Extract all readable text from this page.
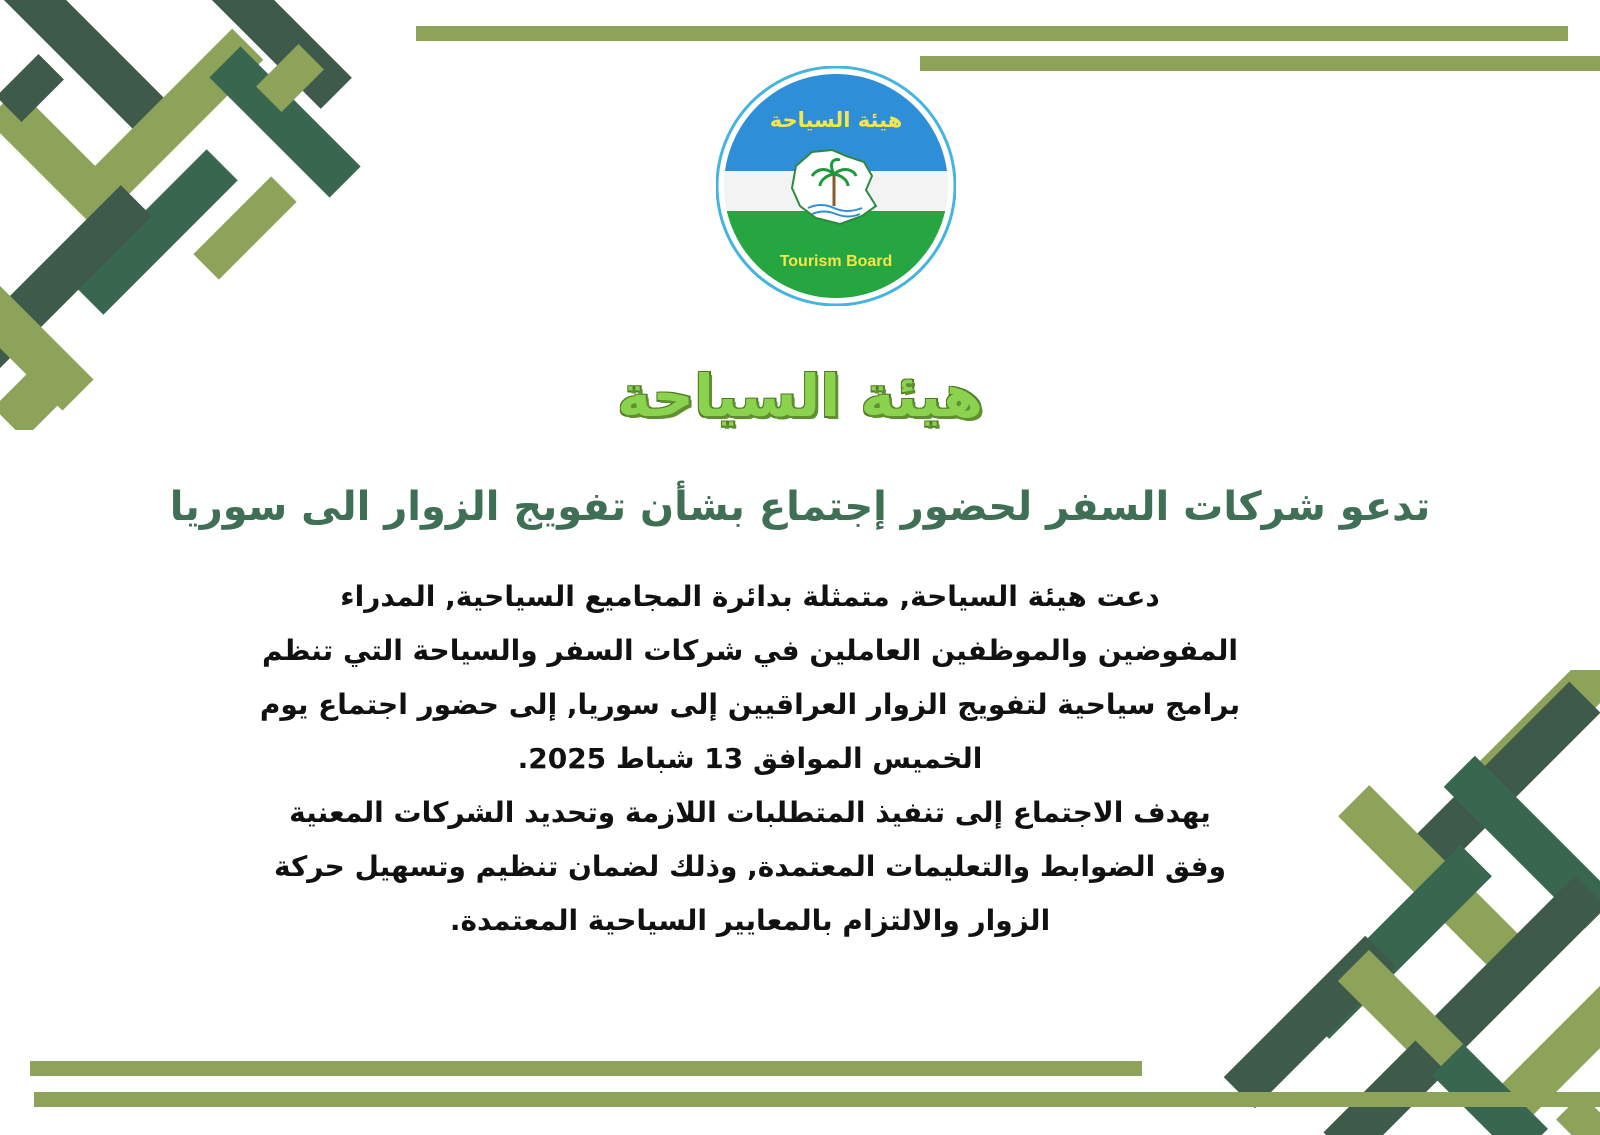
هيئة السياحة
Tourism Board
هيئة السياحة
تدعو شركات السفر لحضور إجتماع بشأن تفويج الزوار الى سوريا
دعت هيئة السياحة, متمثلة بدائرة المجاميع السياحية, المدراء
المفوضين والموظفين العاملين في شركات السفر والسياحة التي تنظم
برامج سياحية لتفويج الزوار العراقيين إلى سوريا, إلى حضور اجتماع يوم
الخميس الموافق 13 شباط 2025.
يهدف الاجتماع إلى تنفيذ المتطلبات اللازمة وتحديد الشركات المعنية
وفق الضوابط والتعليمات المعتمدة, وذلك لضمان تنظيم وتسهيل حركة
الزوار والالتزام بالمعايير السياحية المعتمدة.
